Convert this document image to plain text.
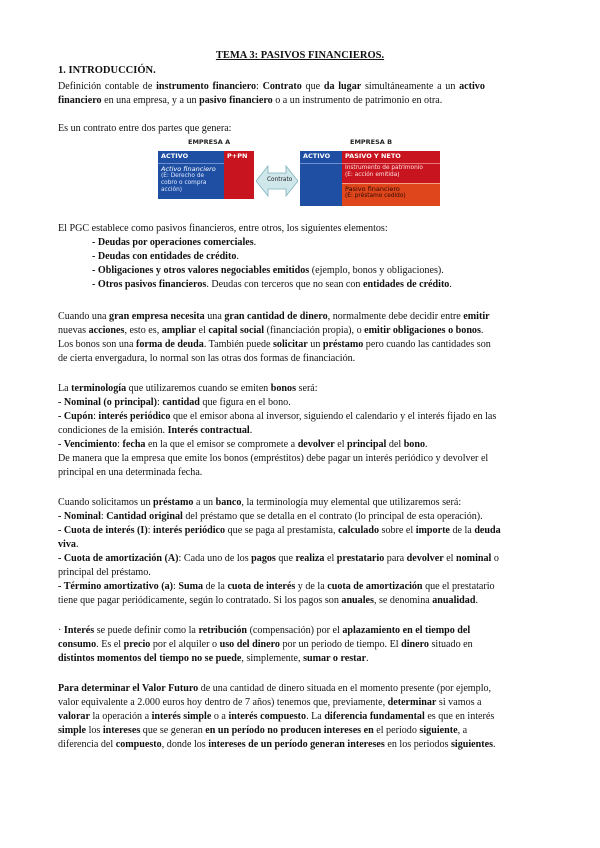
TEMA 3: PASIVOS FINANCIEROS.
1. INTRODUCCIÓN.
Definición contable de instrumento financiero: Contrato que da lugar simultáneamente a un activo
financiero en una empresa, y a un pasivo financiero o a un instrumento de patrimonio en otra.
Es un contrato entre dos partes que genera:
EMPRESA A	EMPRESA B
ACTIVO	P+PN
Activo financiero
(E: Derecho de cobro o compra acción)
Contrato
ACTIVO	PASIVO Y NETO
Instrumento de patrimonio
(E: acción emitida)
Pasivo financiero
(E: préstamo cedido)
El PGC establece como pasivos financieros, entre otros, los siguientes elementos:
- Deudas por operaciones comerciales.
- Deudas con entidades de crédito.
- Obligaciones y otros valores negociables emitidos (ejemplo, bonos y obligaciones).
- Otros pasivos financieros. Deudas con terceros que no sean con entidades de crédito.
Cuando una gran empresa necesita una gran cantidad de dinero, normalmente debe decidir entre emitir
nuevas acciones, esto es, ampliar el capital social (financiación propia), o emitir obligaciones o bonos.
Los bonos son una forma de deuda. También puede solicitar un préstamo pero cuando las cantidades son
de cierta envergadura, lo normal son las otras dos formas de financiación.
La terminología que utilizaremos cuando se emiten bonos será:
- Nominal (o principal): cantidad que figura en el bono.
- Cupón: interés periódico que el emisor abona al inversor, siguiendo el calendario y el interés fijado en las
condiciones de la emisión. Interés contractual.
- Vencimiento: fecha en la que el emisor se compromete a devolver el principal del bono.
De manera que la empresa que emite los bonos (empréstitos) debe pagar un interés periódico y devolver el
principal en una determinada fecha.
Cuando solicitamos un préstamo a un banco, la terminología muy elemental que utilizaremos será:
- Nominal: Cantidad original del préstamo que se detalla en el contrato (lo principal de esta operación).
- Cuota de interés (I): interés periódico que se paga al prestamista, calculado sobre el importe de la deuda
viva.
- Cuota de amortización (A): Cada uno de los pagos que realiza el prestatario para devolver el nominal o
principal del préstamo.
- Término amortizativo (a): Suma de la cuota de interés y de la cuota de amortización que el prestatario
tiene que pagar periódicamente, según lo contratado. Si los pagos son anuales, se denomina anualidad.
· Interés se puede definir como la retribución (compensación) por el aplazamiento en el tiempo del
consumo. Es el precio por el alquiler o uso del dinero por un periodo de tiempo. El dinero situado en
distintos momentos del tiempo no se puede, simplemente, sumar o restar.
Para determinar el Valor Futuro de una cantidad de dinero situada en el momento presente (por ejemplo,
valor equivalente a 2.000 euros hoy dentro de 7 años) tenemos que, previamente, determinar si vamos a
valorar la operación a interés simple o a interés compuesto. La diferencia fundamental es que en interés
simple los intereses que se generan en un período no producen intereses en el periodo siguiente, a
diferencia del compuesto, donde los intereses de un período generan intereses en los periodos siguientes.
